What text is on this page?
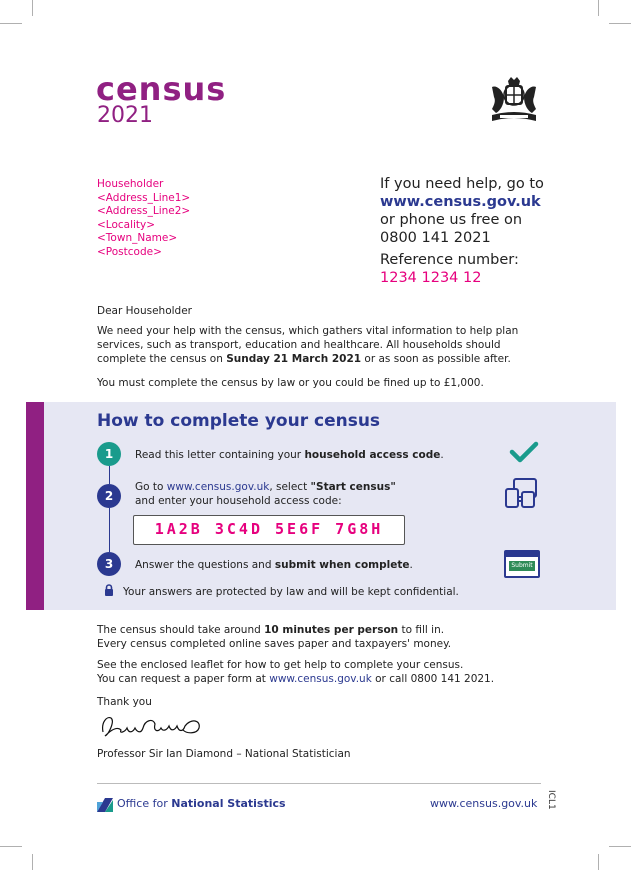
census
2021
Householder
<Address_Line1>
<Address_Line2>
<Locality>
<Town_Name>
<Postcode>
If you need help, go to
www.census.gov.uk
or phone us free on
0800 141 2021
Reference number:
1234 1234 12
Dear Householder
We need your help with the census, which gathers vital information to help plan services, such as transport, education and healthcare. All households should complete the census on Sunday 21 March 2021 or as soon as possible after.
You must complete the census by law or you could be fined up to £1,000.
How to complete your census
1	Read this letter containing your household access code.
2
Go to www.census.gov.uk, select "Start census"
and enter your household access code:
1A2B 3C4D 5E6F 7G8H
3	Answer the questions and submit when complete.	Submit
Your answers are protected by law and will be kept confidential.
The census should take around 10 minutes per person to fill in.
Every census completed online saves paper and taxpayers' money.
See the enclosed leaflet for how to get help to complete your census.
You can request a paper form at www.census.gov.uk or call 0800 141 2021.
Thank you
Professor Sir Ian Diamond – National Statistician
Office for National Statistics	www.census.gov.uk ICL1
